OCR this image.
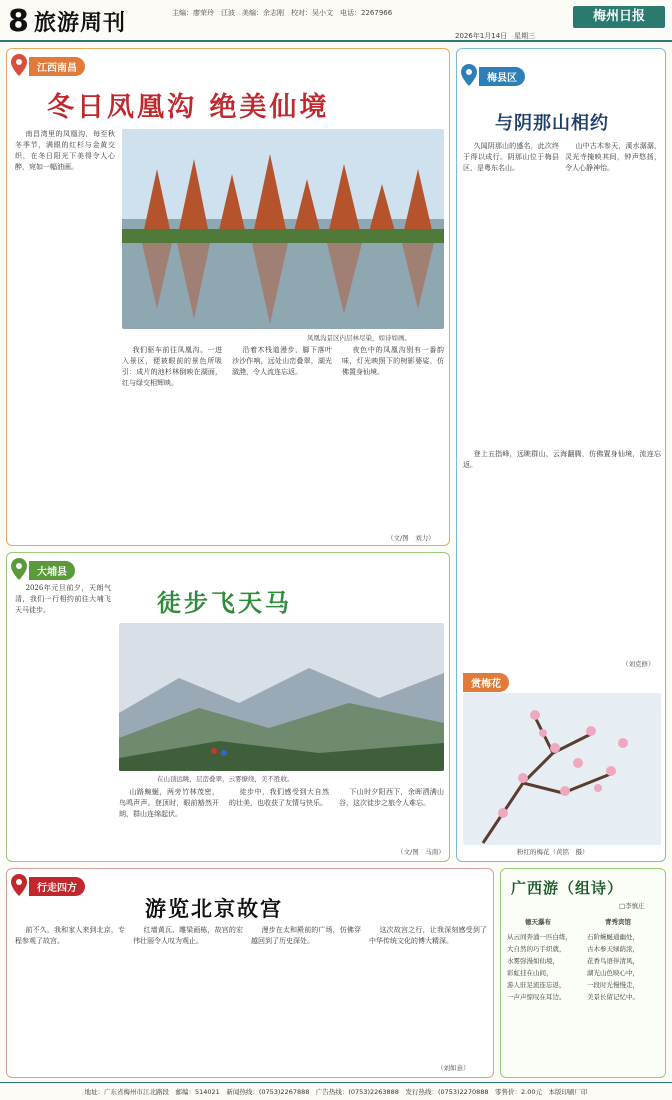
8 旅游周刊	主编：廖荣玲　江波　美编：余志刚　校对：吴小文　电话：2267966
2026年1月14日　星期三
梅州日报
江西南昌
冬日凤凰沟 绝美仙境

南昌湾里的凤凰沟，每至秋冬季节，满眼的红杉与金黄交织，在冬日阳光下美得令人心醉，宛如一幅油画。

凤凰沟景区内层林尽染，如诗如画。

我们驱车前往凤凰沟。一进入景区，便被眼前的景色所吸引：成片的池杉林倒映在湖面，红与绿交相辉映。

沿着木栈道漫步，脚下落叶沙沙作响，远处山峦叠翠，湖光潋滟，令人流连忘返。

夜色中的凤凰沟别有一番韵味，灯光映照下的树影婆娑，仿佛置身仙境。

（文/图　刘力）
大埔县
徒步飞天马

2026年元旦前夕，天朗气清，我们一行相约前往大埔飞天马徒步。

在山顶远眺，层峦叠翠，云雾缭绕，美不胜收。

山路蜿蜒，两旁竹林茂密，鸟鸣声声。登顶时，眼前豁然开朗，群山连绵起伏。

徒步中，我们感受到大自然的壮美，也收获了友情与快乐。

下山时夕阳西下，余晖洒满山谷，这次徒步之旅令人难忘。

（文/图　马南）
梅县区
与阴那山相约

久闻阴那山的盛名，此次终于得以成行。阴那山位于梅县区，是粤东名山。

山中古木参天，溪水潺潺，灵光寺掩映其间，钟声悠扬，令人心静神怡。

登上五指峰，远眺群山，云海翻腾，仿佛置身仙境，流连忘返。

（刘克修）
赏梅花
粉红的梅花（黄铭　摄）
行走四方
游览北京故宫

前不久，我和家人来到北京，专程参观了故宫。

红墙黄瓦、雕梁画栋，故宫的宏伟壮丽令人叹为观止。

漫步在太和殿前的广场，仿佛穿越回到了历史深处。

这次故宫之行，让我深刻感受到了中华传统文化的博大精深。

（刘如意）
广西游（组诗）
□李慎庄
德天瀑布	青秀宾馆
从云间奔涌一匹白练，
大自然的巧手织就，
水雾弥漫如仙境，
彩虹挂在山间，
游人驻足流连忘返，
一声声惊叹在耳边。
石阶蜿蜒通幽处，
古木参天绿荫浓，
花香鸟语伴清风，
湖光山色映心中，
一段时光慢慢走，
美景长留记忆中。
地址：广东省梅州市江北路段　邮编：514021　新闻热线：(0753)2267888　广告热线：(0753)2263888　发行热线：(0753)2270888　零售价：2.00元　本版印刷厂印
